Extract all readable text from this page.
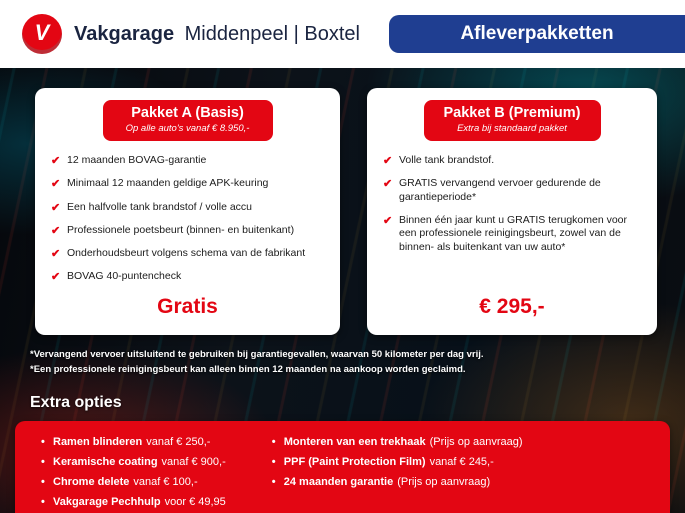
V Vakgarage Middenpeel | Boxtel	Afleverpakketten
Pakket A (Basis)
Op alle auto's vanaf € 8.950,-
✔ 12 maanden BOVAG-garantie
✔ Minimaal 12 maanden geldige APK-keuring
✔ Een halfvolle tank brandstof / volle accu
✔ Professionele poetsbeurt (binnen- en buitenkant)
✔ Onderhoudsbeurt volgens schema van de fabrikant
✔ BOVAG 40-puntencheck
Gratis
Pakket B (Premium)
Extra bij standaard pakket
✔ Volle tank brandstof.
✔ GRATIS vervangend vervoer gedurende de garantieperiode*
✔ Binnen één jaar kunt u GRATIS terugkomen voor een professionele reinigingsbeurt, zowel van de binnen- als buitenkant van uw auto*
€ 295,-
*Vervangend vervoer uitsluitend te gebruiken bij garantiegevallen, waarvan 50 kilometer per dag vrij.
*Een professionele reinigingsbeurt kan alleen binnen 12 maanden na aankoop worden geclaimd.
Extra opties
• Ramen blinderen vanaf € 250,-
• Keramische coating vanaf € 900,-
• Chrome delete vanaf € 100,-
• Vakgarage Pechhulp voor € 49,95
• Monteren van een trekhaak (Prijs op aanvraag)
• PPF (Paint Protection Film) vanaf € 245,-
• 24 maanden garantie (Prijs op aanvraag)
